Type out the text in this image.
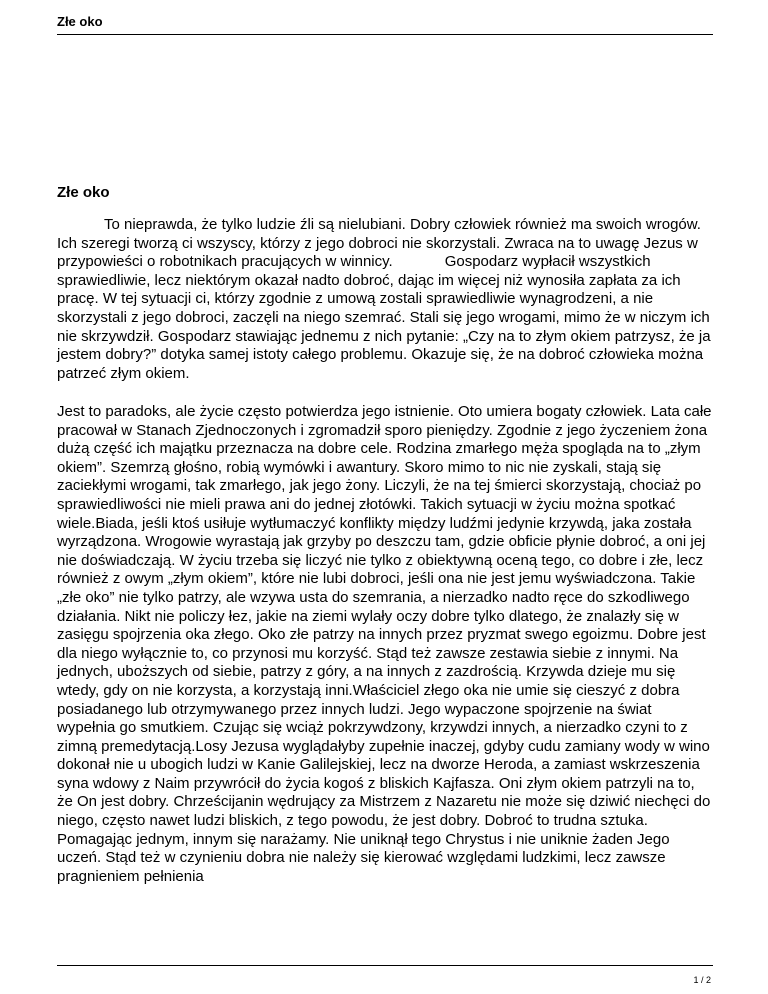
Złe oko
Złe oko

To nieprawda, że tylko ludzie źli są nielubiani. Dobry człowiek również ma swoich wrogów. Ich szeregi tworzą ci wszyscy, którzy z jego dobroci nie skorzystali. Zwraca na to uwagę Jezus w przypowieści o robotnikach pracujących w winnicy.	Gospodarz wypłacił wszystkich sprawiedliwie, lecz niektórym okazał nadto dobroć, dając im więcej niż wynosiła zapłata za ich pracę. W tej sytuacji ci, którzy zgodnie z umową zostali sprawiedliwie wynagrodzeni, a nie skorzystali z jego dobroci, zaczęli na niego szemrać. Stali się jego wrogami, mimo że w niczym ich nie skrzywdził. Gospodarz stawiając jednemu z nich pytanie: „Czy na to złym okiem patrzysz, że ja jestem dobry?” dotyka samej istoty całego problemu. Okazuje się, że na dobroć człowieka można patrzeć złym okiem.

Jest to paradoks, ale życie często potwierdza jego istnienie. Oto umiera bogaty człowiek. Lata całe pracował w Stanach Zjednoczonych i zgromadził sporo pieniędzy. Zgodnie z jego życzeniem żona dużą część ich majątku przeznacza na dobre cele. Rodzina zmarłego męża spogląda na to „złym okiem”. Szemrzą głośno, robią wymówki i awantury. Skoro mimo to nic nie zyskali, stają się zaciekłymi wrogami, tak zmarłego, jak jego żony. Liczyli, że na tej śmierci skorzystają, chociaż po sprawiedliwości nie mieli prawa ani do jednej złotówki. Takich sytuacji w życiu można spotkać wiele.Biada, jeśli ktoś usiłuje wytłumaczyć konflikty między ludźmi jedynie krzywdą, jaka została wyrządzona. Wrogowie wyrastają jak grzyby po deszczu tam, gdzie obficie płynie dobroć, a oni jej nie doświadczają. W życiu trzeba się liczyć nie tylko z obiektywną oceną tego, co dobre i złe, lecz również z owym „złym okiem”, które nie lubi dobroci, jeśli ona nie jest jemu wyświadczona. Takie „złe oko” nie tylko patrzy, ale wzywa usta do szemrania, a nierzadko nadto ręce do szkodliwego działania. Nikt nie policzy łez, jakie na ziemi wylały oczy dobre tylko dlatego, że znalazły się w zasięgu spojrzenia oka złego. Oko złe patrzy na innych przez pryzmat swego egoizmu. Dobre jest dla niego wyłącznie to, co przynosi mu korzyść. Stąd też zawsze zestawia siebie z innymi. Na jednych, uboższych od siebie, patrzy z góry, a na innych z zazdrością. Krzywda dzieje mu się wtedy, gdy on nie korzysta, a korzystają inni.Właściciel złego oka nie umie się cieszyć z dobra posiadanego lub otrzymywanego przez innych ludzi. Jego wypaczone spojrzenie na świat wypełnia go smutkiem. Czując się wciąż pokrzywdzony, krzywdzi innych, a nierzadko czyni to z zimną premedytacją.Losy Jezusa wyglądałyby zupełnie inaczej, gdyby cudu zamiany wody w wino dokonał nie u ubogich ludzi w Kanie Galilejskiej, lecz na dworze Heroda, a zamiast wskrzeszenia syna wdowy z Naim przywrócił do życia kogoś z bliskich Kajfasza. Oni złym okiem patrzyli na to, że On jest dobry. Chrześcijanin wędrujący za Mistrzem z Nazaretu nie może się dziwić niechęci do niego, często nawet ludzi bliskich, z tego powodu, że jest dobry. Dobroć to trudna sztuka. Pomagając jednym, innym się narażamy. Nie uniknął tego Chrystus i nie uniknie żaden Jego uczeń. Stąd też w czynieniu dobra nie należy się kierować względami ludzkimi, lecz zawsze pragnieniem pełnienia

1 / 2
